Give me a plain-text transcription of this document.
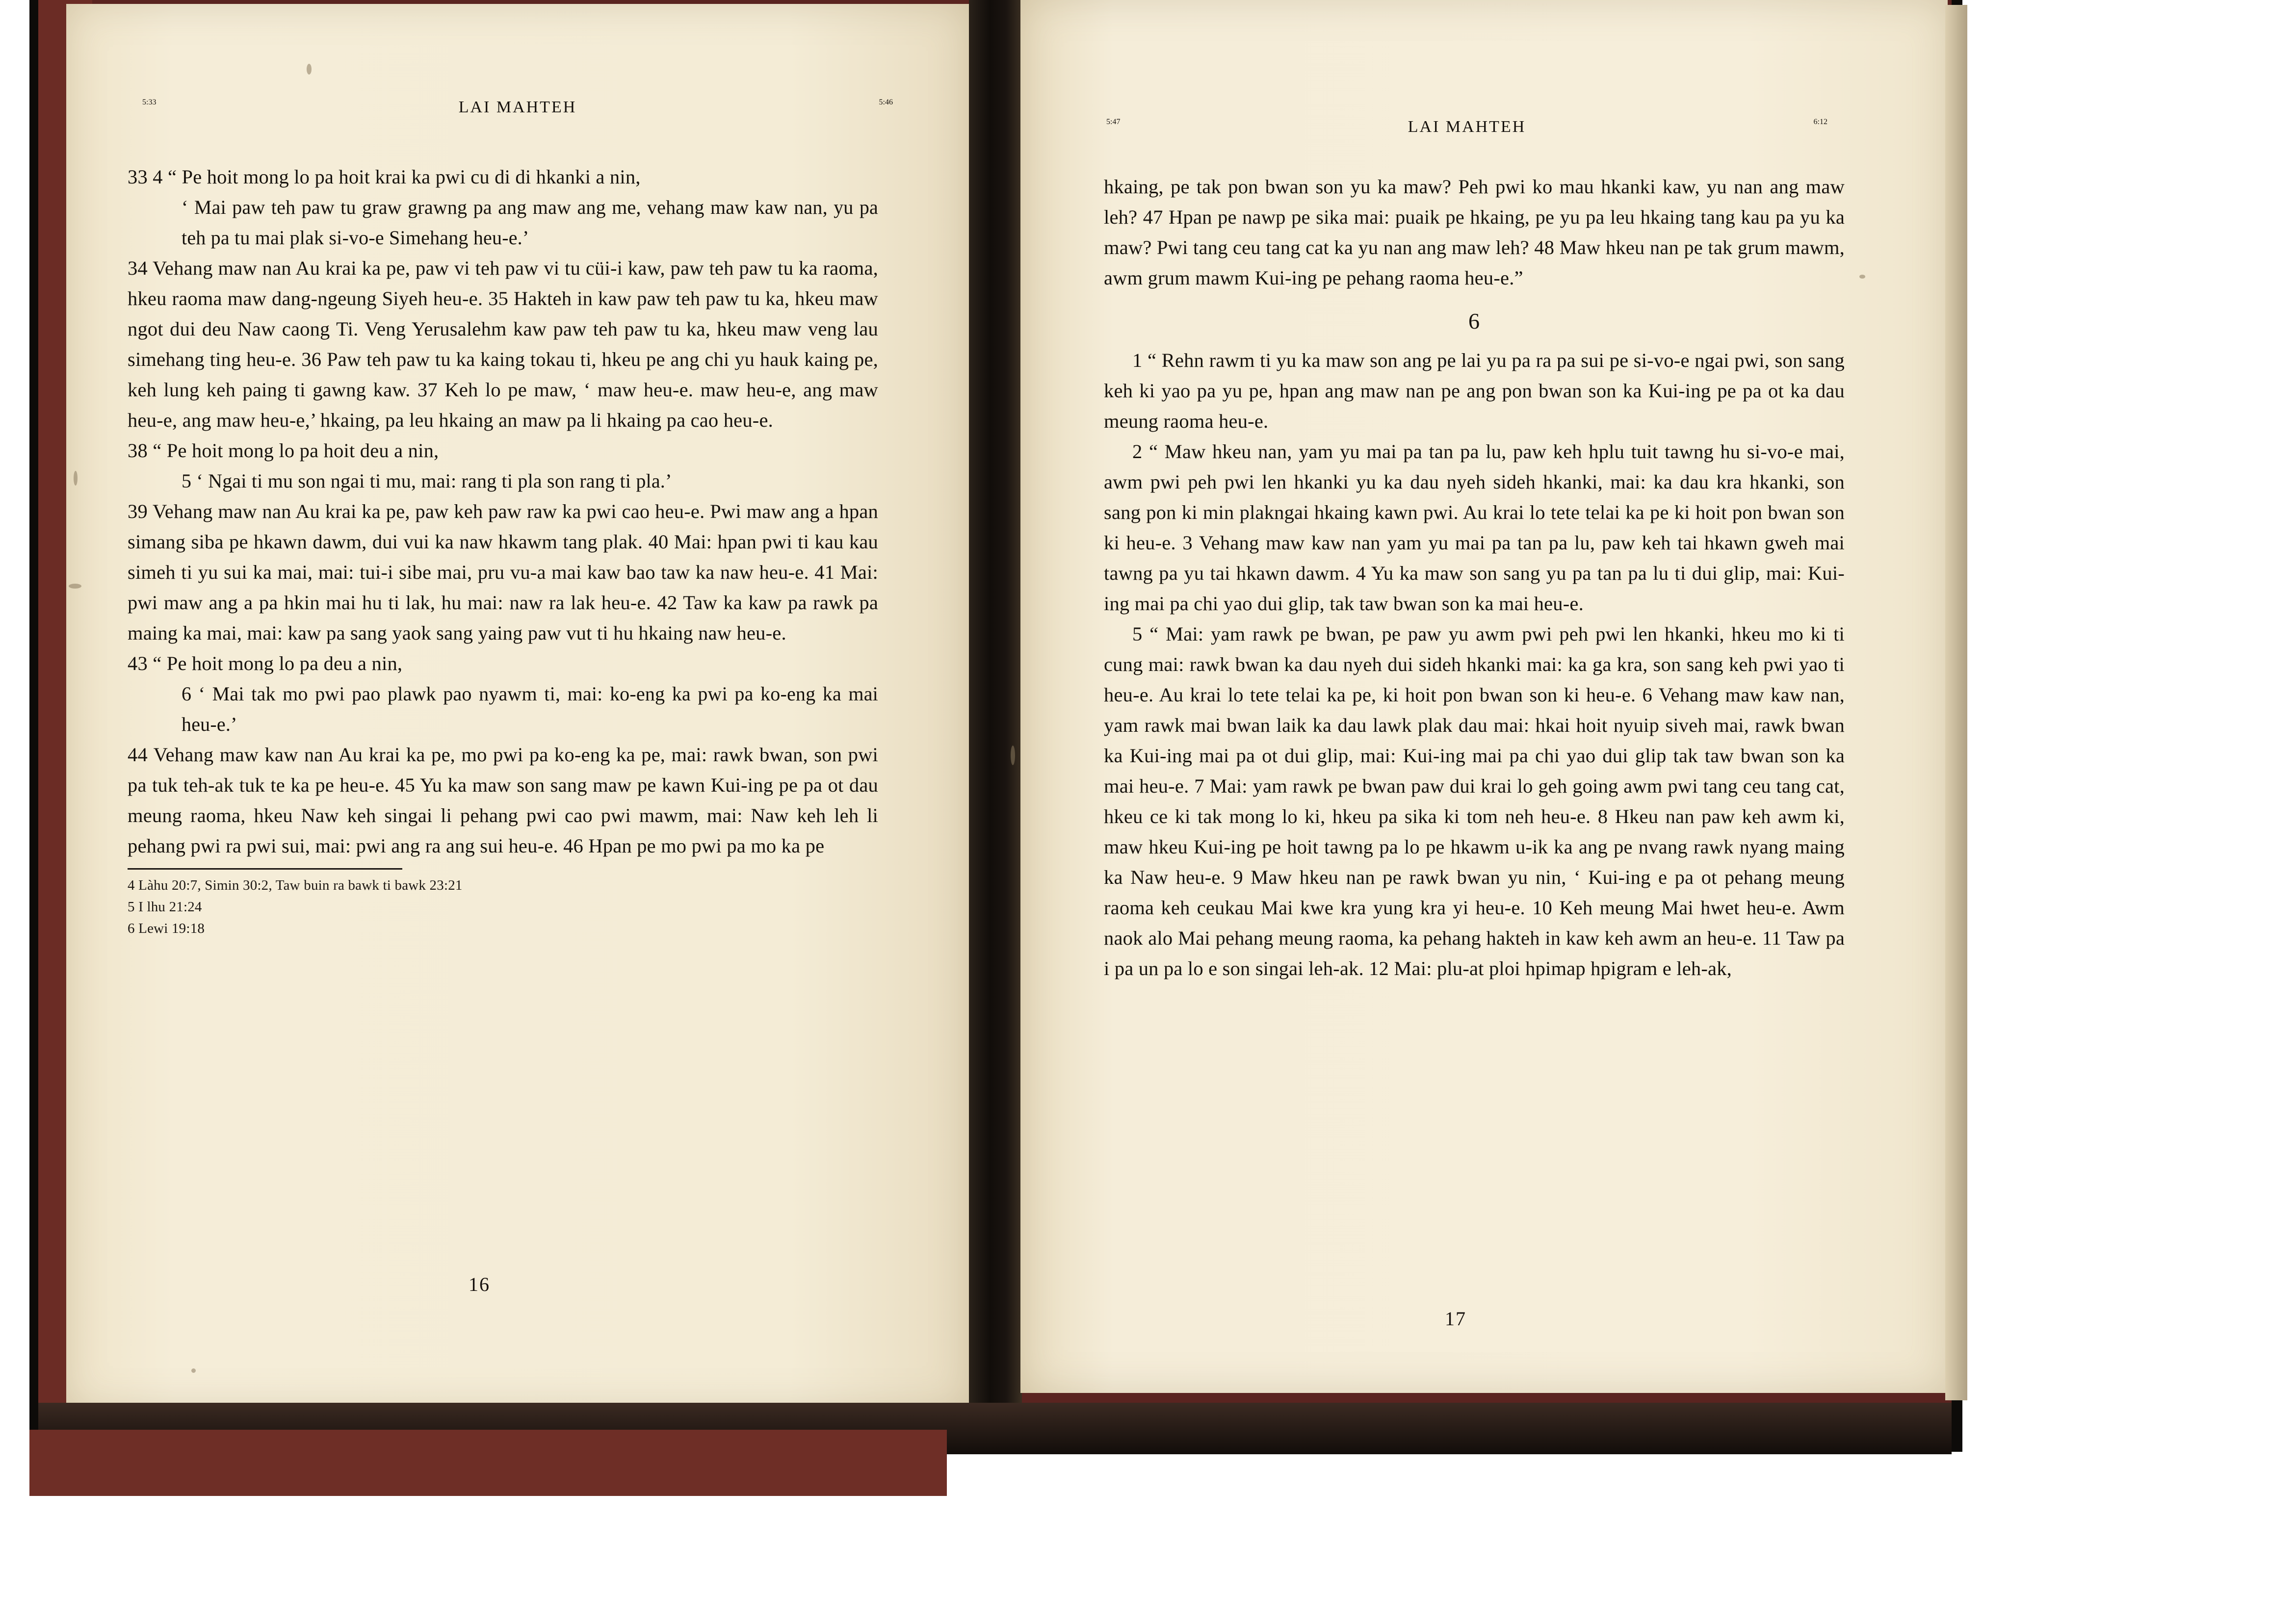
5:33	LAI MAHTEH	5:46

33 4 “ Pe hoit mong lo pa hoit krai ka pwi cu di di hkanki a nin,

‘ Mai paw teh paw tu graw grawng pa ang maw ang me, vehang maw kaw nan, yu pa teh pa tu mai plak si-vo-e Simehang heu-e.’

34 Vehang maw nan Au krai ka pe, paw vi teh paw vi tu cüi-i kaw, paw teh paw tu ka raoma, hkeu raoma maw dang-ngeung Siyeh heu-e. 35 Hakteh in kaw paw teh paw tu ka, hkeu maw ngot dui deu Naw caong Ti. Veng Yerusalehm kaw paw teh paw tu ka, hkeu maw veng lau simehang ting heu-e. 36 Paw teh paw tu ka kaing tokau ti, hkeu pe ang chi yu hauk kaing pe, keh lung keh paing ti gawng kaw. 37 Keh lo pe maw, ‘ maw heu-e. maw heu-e, ang maw heu-e, ang maw heu-e,’ hkaing, pa leu hkaing an maw pa li hkaing pa cao heu-e.

38 “ Pe hoit mong lo pa hoit deu a nin,

5 ‘ Ngai ti mu son ngai ti mu, mai: rang ti pla son rang ti pla.’

39 Vehang maw nan Au krai ka pe, paw keh paw raw ka pwi cao heu-e. Pwi maw ang a hpan simang siba pe hkawn dawm, dui vui ka naw hkawm tang plak. 40 Mai: hpan pwi ti kau kau simeh ti yu sui ka mai, mai: tui-i sibe mai, pru vu-a mai kaw bao taw ka naw heu-e. 41 Mai: pwi maw ang a pa hkin mai hu ti lak, hu mai: naw ra lak heu-e. 42 Taw ka kaw pa rawk pa maing ka mai, mai: kaw pa sang yaok sang yaing paw vut ti hu hkaing naw heu-e.

43 “ Pe hoit mong lo pa deu a nin,

6 ‘ Mai tak mo pwi pao plawk pao nyawm ti, mai: ko-eng ka pwi pa ko-eng ka mai heu-e.’

44 Vehang maw kaw nan Au krai ka pe, mo pwi pa ko-eng ka pe, mai: rawk bwan, son pwi pa tuk teh-ak tuk te ka pe heu-e. 45 Yu ka maw son sang maw pe kawn Kui-ing pe pa ot dau meung raoma, hkeu Naw keh singai li pehang pwi cao pwi mawm, mai: Naw keh leh li pehang pwi ra pwi sui, mai: pwi ang ra ang sui heu-e. 46 Hpan pe mo pwi pa mo ka pe

4 Làhu 20:7, Simin 30:2, Taw buin ra bawk ti bawk 23:21
5 I lhu 21:24
6 Lewi 19:18
16
5:47	LAI MAHTEH	6:12

hkaing, pe tak pon bwan son yu ka maw? Peh pwi ko mau hkanki kaw, yu nan ang maw leh? 47 Hpan pe nawp pe sika mai: puaik pe hkaing, pe yu pa leu hkaing tang kau pa yu ka maw? Pwi tang ceu tang cat ka yu nan ang maw leh? 48 Maw hkeu nan pe tak grum mawm, awm grum mawm Kui-ing pe pehang raoma heu-e.”

6

1 “ Rehn rawm ti yu ka maw son ang pe lai yu pa ra pa sui pe si-vo-e ngai pwi, son sang keh ki yao pa yu pe, hpan ang maw nan pe ang pon bwan son ka Kui-ing pe pa ot ka dau meung raoma heu-e.

2 “ Maw hkeu nan, yam yu mai pa tan pa lu, paw keh hplu tuit tawng hu si-vo-e mai, awm pwi peh pwi len hkanki yu ka dau nyeh sideh hkanki, mai: ka dau kra hkanki, son sang pon ki min plakngai hkaing kawn pwi. Au krai lo tete telai ka pe ki hoit pon bwan son ki heu-e. 3 Vehang maw kaw nan yam yu mai pa tan pa lu, paw keh tai hkawn gweh mai tawng pa yu tai hkawn dawm. 4 Yu ka maw son sang yu pa tan pa lu ti dui glip, mai: Kui-ing mai pa chi yao dui glip, tak taw bwan son ka mai heu-e.

5 “ Mai: yam rawk pe bwan, pe paw yu awm pwi peh pwi len hkanki, hkeu mo ki ti cung mai: rawk bwan ka dau nyeh dui sideh hkanki mai: ka ga kra, son sang keh pwi yao ti heu-e. Au krai lo tete telai ka pe, ki hoit pon bwan son ki heu-e. 6 Vehang maw kaw nan, yam rawk mai bwan laik ka dau lawk plak dau mai: hkai hoit nyuip siveh mai, rawk bwan ka Kui-ing mai pa ot dui glip, mai: Kui-ing mai pa chi yao dui glip tak taw bwan son ka mai heu-e. 7 Mai: yam rawk pe bwan paw dui krai lo geh going awm pwi tang ceu tang cat, hkeu ce ki tak mong lo ki, hkeu pa sika ki tom neh heu-e. 8 Hkeu nan paw keh awm ki, maw hkeu Kui-ing pe hoit tawng pa lo pe hkawm u-ik ka ang pe nvang rawk nyang maing ka Naw heu-e. 9 Maw hkeu nan pe rawk bwan yu nin, ‘ Kui-ing e pa ot pehang meung raoma keh ceukau Mai kwe kra yung kra yi heu-e. 10 Keh meung Mai hwet heu-e. Awm naok alo Mai pehang meung raoma, ka pehang hakteh in kaw keh awm an heu-e. 11 Taw pa i pa un pa lo e son singai leh-ak. 12 Mai: plu-at ploi hpimap hpigram e leh-ak,

17
